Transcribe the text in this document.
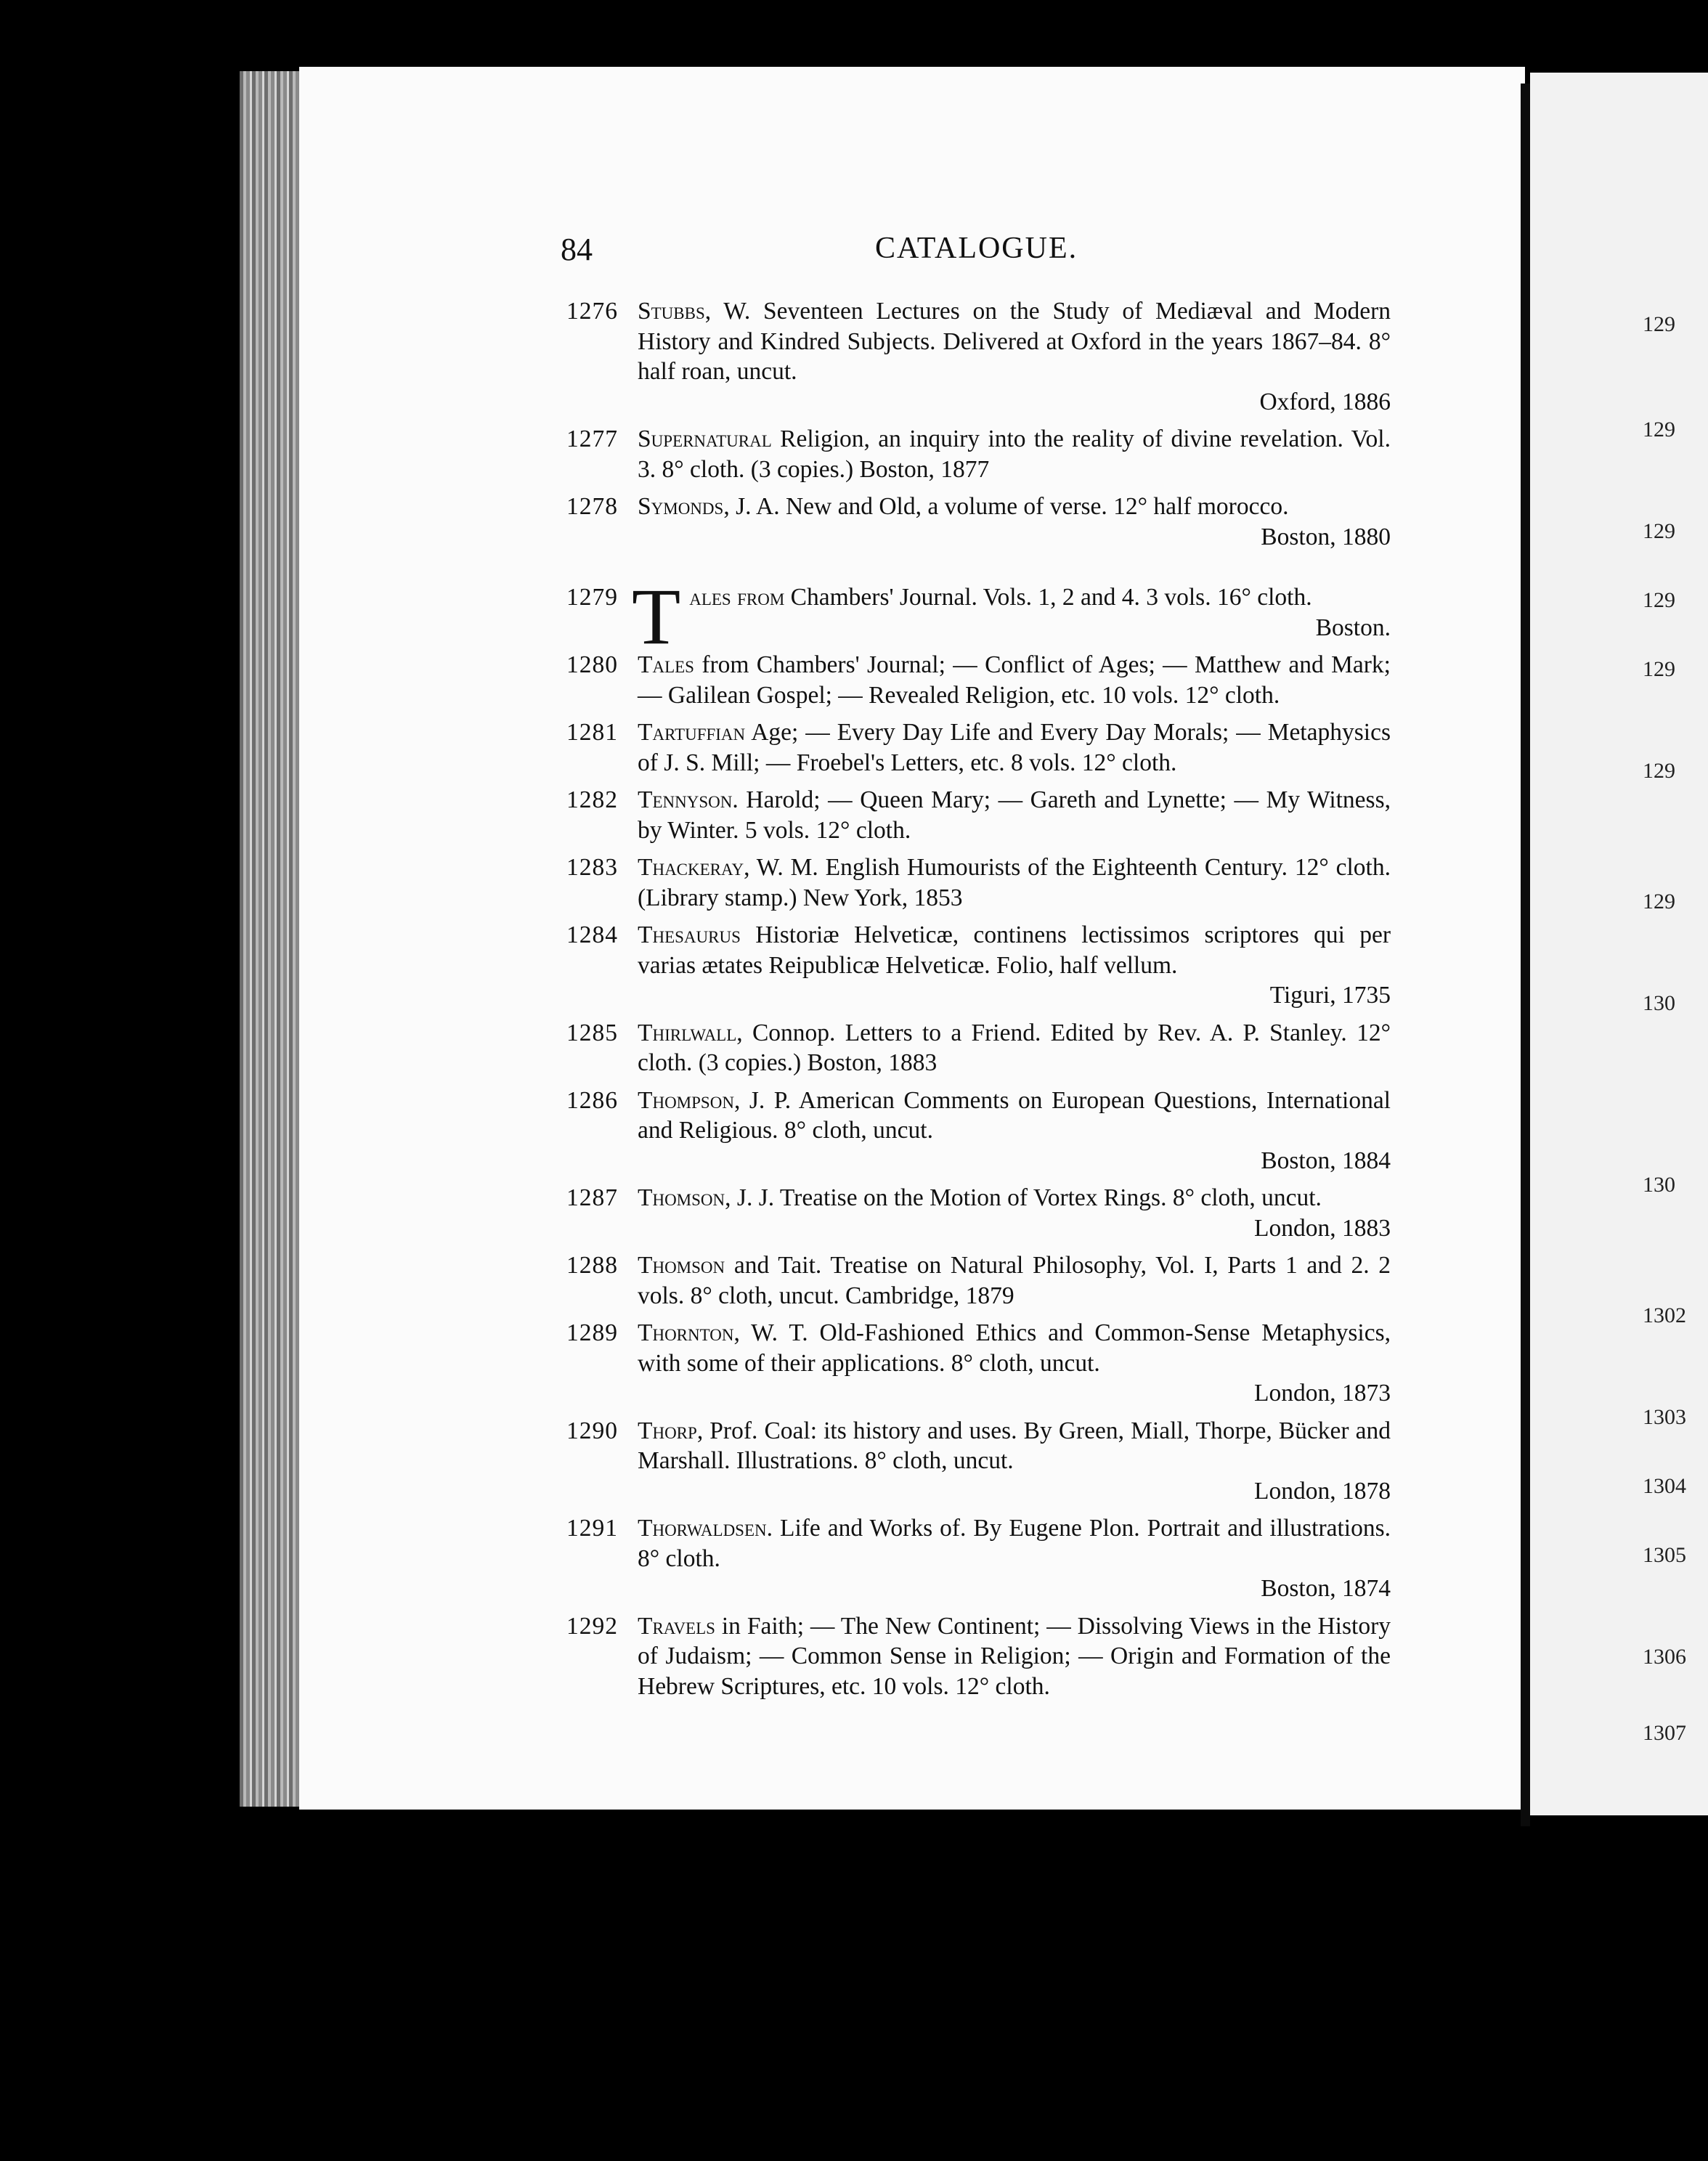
84	CATALOGUE.
1276 Stubbs, W. Seventeen Lectures on the Study of Mediæval and Modern History and Kindred Subjects. Delivered at Oxford in the years 1867–84. 8° half roan, uncut.
Oxford, 1886
1277 Supernatural Religion, an inquiry into the reality of divine revelation. Vol. 3. 8° cloth. (3 copies.) Boston, 1877
1278 Symonds, J. A. New and Old, a volume of verse. 12° half morocco.
Boston, 1880
1279 Tales from Chambers' Journal. Vols. 1, 2 and 4. 3 vols. 16° cloth.
Boston.
1280 Tales from Chambers' Journal; — Conflict of Ages; — Matthew and Mark; — Galilean Gospel; — Revealed Religion, etc. 10 vols. 12° cloth.
1281 Tartuffian Age; — Every Day Life and Every Day Morals; — Metaphysics of J. S. Mill; — Froebel's Letters, etc. 8 vols. 12° cloth.
1282 Tennyson. Harold; — Queen Mary; — Gareth and Lynette; — My Witness, by Winter. 5 vols. 12° cloth.
1283 Thackeray, W. M. English Humourists of the Eighteenth Century. 12° cloth. (Library stamp.) New York, 1853
1284 Thesaurus Historiæ Helveticæ, continens lectissimos scriptores qui per varias ætates Reipublicæ Helveticæ. Folio, half vellum.
Tiguri, 1735
1285 Thirlwall, Connop. Letters to a Friend. Edited by Rev. A. P. Stanley. 12° cloth. (3 copies.) Boston, 1883
1286 Thompson, J. P. American Comments on European Questions, International and Religious. 8° cloth, uncut.
Boston, 1884
1287 Thomson, J. J. Treatise on the Motion of Vortex Rings. 8° cloth, uncut.
London, 1883
1288 Thomson and Tait. Treatise on Natural Philosophy, Vol. I, Parts 1 and 2. 2 vols. 8° cloth, uncut. Cambridge, 1879
1289 Thornton, W. T. Old-Fashioned Ethics and Common-Sense Metaphysics, with some of their applications. 8° cloth, uncut.
London, 1873
1290 Thorp, Prof. Coal: its history and uses. By Green, Miall, Thorpe, Bücker and Marshall. Illustrations. 8° cloth, uncut.
London, 1878
1291 Thorwaldsen. Life and Works of. By Eugene Plon. Portrait and illustrations. 8° cloth.
Boston, 1874
1292 Travels in Faith; — The New Continent; — Dissolving Views in the History of Judaism; — Common Sense in Religion; — Origin and Formation of the Hebrew Scriptures, etc. 10 vols. 12° cloth.
129
129
129
129
129
129
129
130
130
1302
1303
1304
1305
1306
1307
